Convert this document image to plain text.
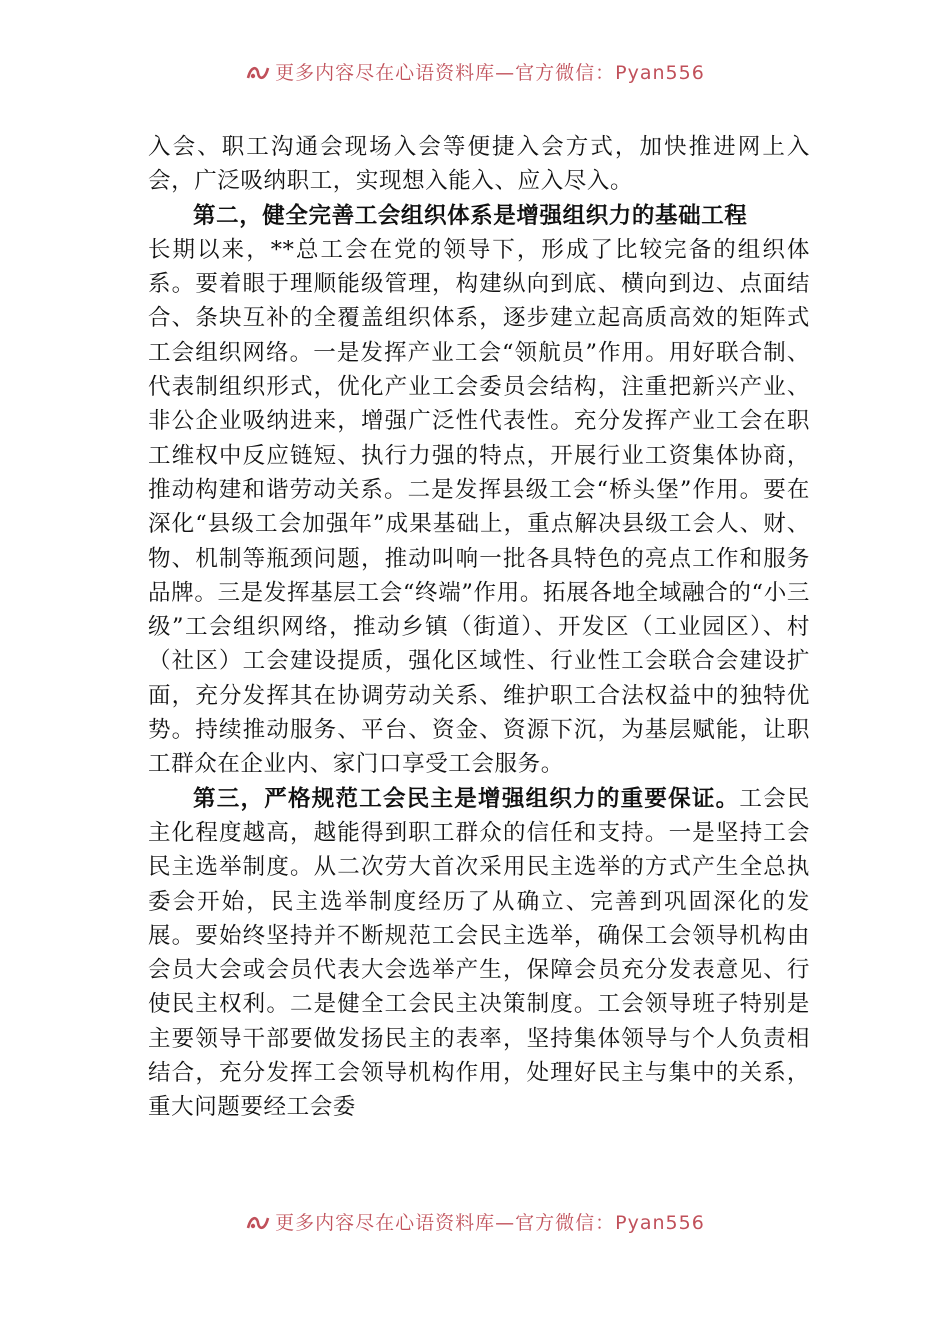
更多内容尽在心语资料库—官方微信：Pyan556

入会、职工沟通会现场入会等便捷入会方式，加快推进网上入会，广泛吸纳职工，实现想入能入、应入尽入。

第二，健全完善工会组织体系是增强组织力的基础工程

长期以来，**总工会在党的领导下，形成了比较完备的组织体系。要着眼于理顺能级管理，构建纵向到底、横向到边、点面结合、条块互补的全覆盖组织体系，逐步建立起高质高效的矩阵式工会组织网络。一是发挥产业工会“领航员”作用。用好联合制、代表制组织形式，优化产业工会委员会结构，注重把新兴产业、非公企业吸纳进来，增强广泛性代表性。充分发挥产业工会在职工维权中反应链短、执行力强的特点，开展行业工资集体协商，推动构建和谐劳动关系。二是发挥县级工会“桥头堡”作用。要在深化“县级工会加强年”成果基础上，重点解决县级工会人、财、物、机制等瓶颈问题，推动叫响一批各具特色的亮点工作和服务品牌。三是发挥基层工会“终端”作用。拓展各地全域融合的“小三级”工会组织网络，推动乡镇（街道）、开发区（工业园区）、村（社区）工会建设提质，强化区域性、行业性工会联合会建设扩面，充分发挥其在协调劳动关系、维护职工合法权益中的独特优势。持续推动服务、平台、资金、资源下沉，为基层赋能，让职工群众在企业内、家门口享受工会服务。

第三，严格规范工会民主是增强组织力的重要保证。工会民主化程度越高，越能得到职工群众的信任和支持。一是坚持工会民主选举制度。从二次劳大首次采用民主选举的方式产生全总执委会开始，民主选举制度经历了从确立、完善到巩固深化的发展。要始终坚持并不断规范工会民主选举，确保工会领导机构由会员大会或会员代表大会选举产生，保障会员充分发表意见、行使民主权利。二是健全工会民主决策制度。工会领导班子特别是主要领导干部要做发扬民主的表率，坚持集体领导与个人负责相结合，充分发挥工会领导机构作用，处理好民主与集中的关系，重大问题要经工会委

更多内容尽在心语资料库—官方微信：Pyan556
